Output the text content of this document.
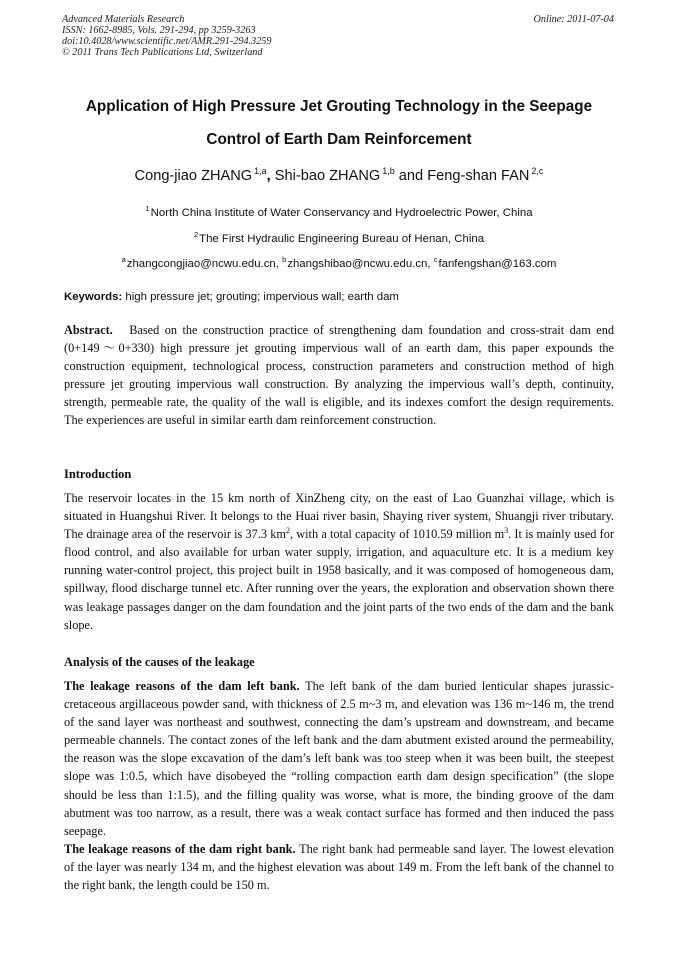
Advanced Materials Research
ISSN: 1662-8985, Vols. 291-294, pp 3259-3263
doi:10.4028/www.scientific.net/AMR.291-294.3259
© 2011 Trans Tech Publications Ltd, Switzerland
Online: 2011-07-04
Application of High Pressure Jet Grouting Technology in the Seepage
Control of Earth Dam Reinforcement
Cong-jiao ZHANG $^{1,a}$, Shi-bao ZHANG $^{1,b}$ and Feng-shan FAN $^{2,c}$
$^1$North China Institute of Water Conservancy and Hydroelectric Power, China
$^2$The First Hydraulic Engineering Bureau of Henan, China
$^a$zhangcongjiao@ncwu.edu.cn, $^b$zhangshibao@ncwu.edu.cn, $^c$fanfengshan@163.com
Keywords: high pressure jet; grouting; impervious wall; earth dam
Abstract. Based on the construction practice of strengthening dam foundation and cross-strait dam end (0+149～0+330) high pressure jet grouting impervious wall of an earth dam, this paper expounds the construction equipment, technological process, construction parameters and construction method of high pressure jet grouting impervious wall construction. By analyzing the impervious wall’s depth, continuity, strength, permeable rate, the quality of the wall is eligible, and its indexes comfort the design requirements. The experiences are useful in similar earth dam reinforcement construction.
Introduction
The reservoir locates in the 15 km north of XinZheng city, on the east of Lao Guanzhai village, which is situated in Huangshui River. It belongs to the Huai river basin, Shaying river system, Shuangji river tributary. The drainage area of the reservoir is 37.3 $km^2$, with a total capacity of 1010.59 million $m^3$. It is mainly used for flood control, and also available for urban water supply, irrigation, and aquaculture etc. It is a medium key running water-control project, this project built in 1958 basically, and it was composed of homogeneous dam, spillway, flood discharge tunnel etc. After running over the years, the exploration and observation shown there was leakage passages danger on the dam foundation and the joint parts of the two ends of the dam and the bank slope.
Analysis of the causes of the leakage
The leakage reasons of the dam left bank. The left bank of the dam buried lenticular shapes jurassic-cretaceous argillaceous powder sand, with thickness of 2.5 m~3 m, and elevation was 136 m~146 m, the trend of the sand layer was northeast and southwest, connecting the dam’s upstream and downstream, and became permeable channels. The contact zones of the left bank and the dam abutment existed around the permeability, the reason was the slope excavation of the dam’s left bank was too steep when it was been built, the steepest slope was 1:0.5, which have disobeyed the “rolling compaction earth dam design specification” (the slope should be less than 1:1.5), and the filling quality was worse, what is more, the binding groove of the dam abutment was too narrow, as a result, there was a weak contact surface has formed and then induced the pass seepage.
The leakage reasons of the dam right bank. The right bank had permeable sand layer. The lowest elevation of the layer was nearly 134 m, and the highest elevation was about 149 m. From the left bank of the channel to the right bank, the length could be 150 m.
